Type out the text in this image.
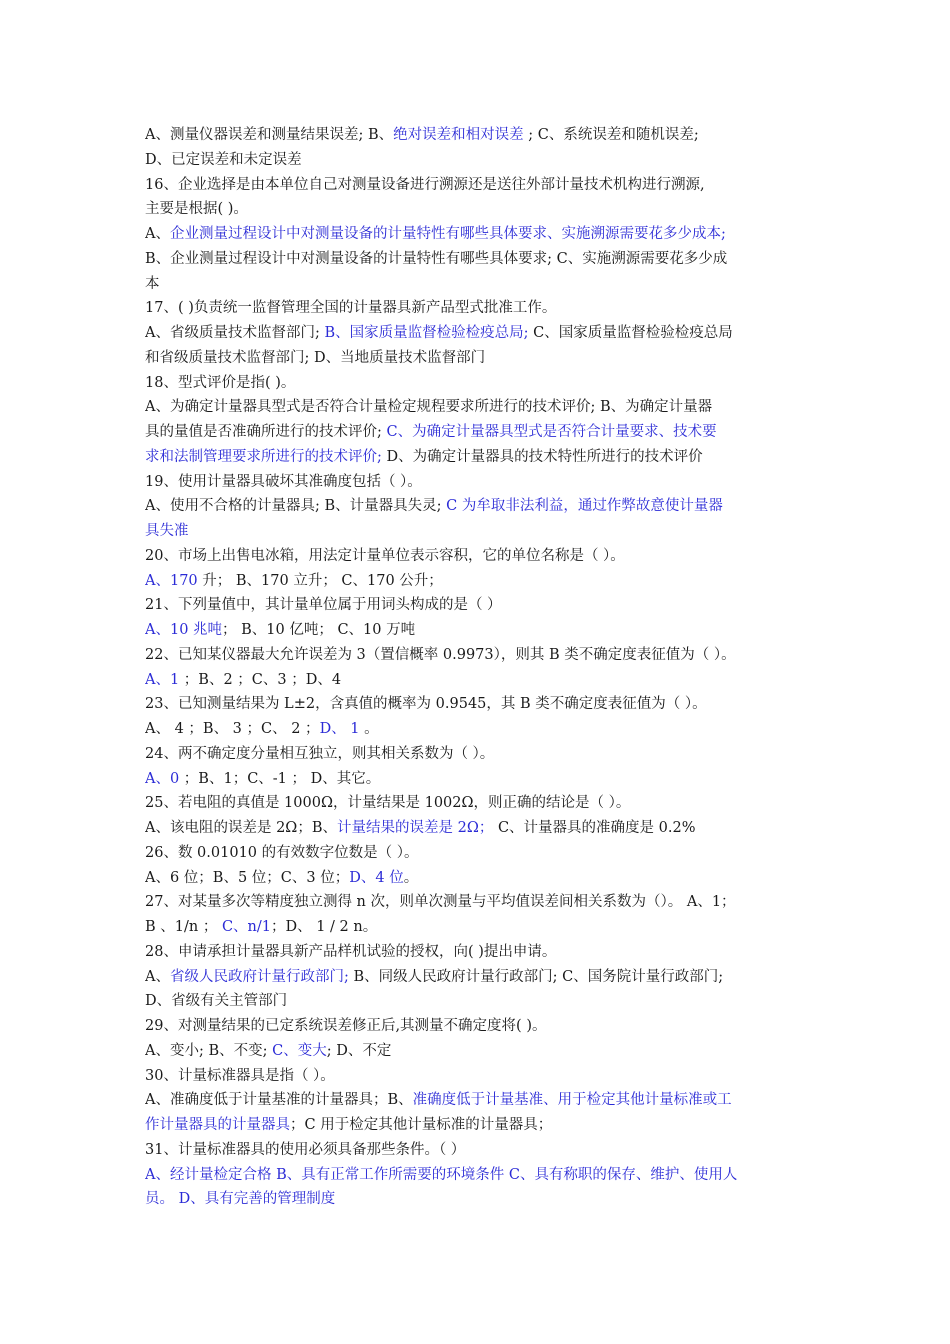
A、测量仪器误差和测量结果误差; B、绝对误差和相对误差 ; C、系统误差和随机误差;
D、已定误差和未定误差
16、企业选择是由本单位自己对测量设备进行溯源还是送往外部计量技术机构进行溯源,
主要是根据( )。
A、企业测量过程设计中对测量设备的计量特性有哪些具体要求、实施溯源需要花多少成本;
B、企业测量过程设计中对测量设备的计量特性有哪些具体要求; C、实施溯源需要花多少成
本
17、( )负责统一监督管理全国的计量器具新产品型式批准工作。
A、省级质量技术监督部门; B、国家质量监督检验检疫总局; C、国家质量监督检验检疫总局
和省级质量技术监督部门; D、当地质量技术监督部门
18、型式评价是指( )。
A、为确定计量器具型式是否符合计量检定规程要求所进行的技术评价; B、为确定计量器
具的量值是否准确所进行的技术评价; C、为确定计量器具型式是否符合计量要求、技术要
求和法制管理要求所进行的技术评价; D、为确定计量器具的技术特性所进行的技术评价
19、使用计量器具破坏其准确度包括（ ）。
A、使用不合格的计量器具; B、计量器具失灵; C 为牟取非法利益，通过作弊故意使计量器
具失准
20、市场上出售电冰箱，用法定计量单位表示容积，它的单位名称是（ ）。
A、170 升； B、170 立升； C、170 公升；
21、下列量值中，其计量单位属于用词头构成的是（ ）
A、10 兆吨； B、10 亿吨； C、10 万吨
22、已知某仪器最大允许误差为 3（置信概率 0.9973），则其 B 类不确定度表征值为（ ）。
A、1 ；B、2 ；C、3 ；D、4
23、已知测量结果为 L±2，含真值的概率为 0.9545，其 B 类不确定度表征值为（ ）。
A、 4 ；B、 3 ；C、 2 ；D、 1 。
24、两不确定度分量相互独立，则其相关系数为（ ）。
A、0 ；B、1；C、-1 ； D、其它。
25、若电阻的真值是 1000Ω，计量结果是 1002Ω，则正确的结论是（ ）。
A、该电阻的误差是 2Ω；B、计量结果的误差是 2Ω； C、计量器具的准确度是 0.2%
26、数 0.01010 的有效数字位数是（ ）。
A、6 位；B、5 位；C、3 位；D、4 位。
27、对某量多次等精度独立测得 n 次，则单次测量与平均值误差间相关系数为（）。 A、1；
B 、1/n ； C、n/1；D、 1 / 2 n。
28、申请承担计量器具新产品样机试验的授权，向( )提出申请。
A、省级人民政府计量行政部门; B、同级人民政府计量行政部门; C、国务院计量行政部门;
D、省级有关主管部门
29、对测量结果的已定系统误差修正后,其测量不确定度将( )。
A、变小; B、不变; C、变大; D、不定
30、计量标准器具是指（ ）。
A、准确度低于计量基准的计量器具；B、准确度低于计量基准、用于检定其他计量标准或工
作计量器具的计量器具；C 用于检定其他计量标准的计量器具；
31、计量标准器具的使用必须具备那些条件。（ ）
A、经计量检定合格 B、具有正常工作所需要的环境条件 C、具有称职的保存、维护、使用人
员。 D、具有完善的管理制度
